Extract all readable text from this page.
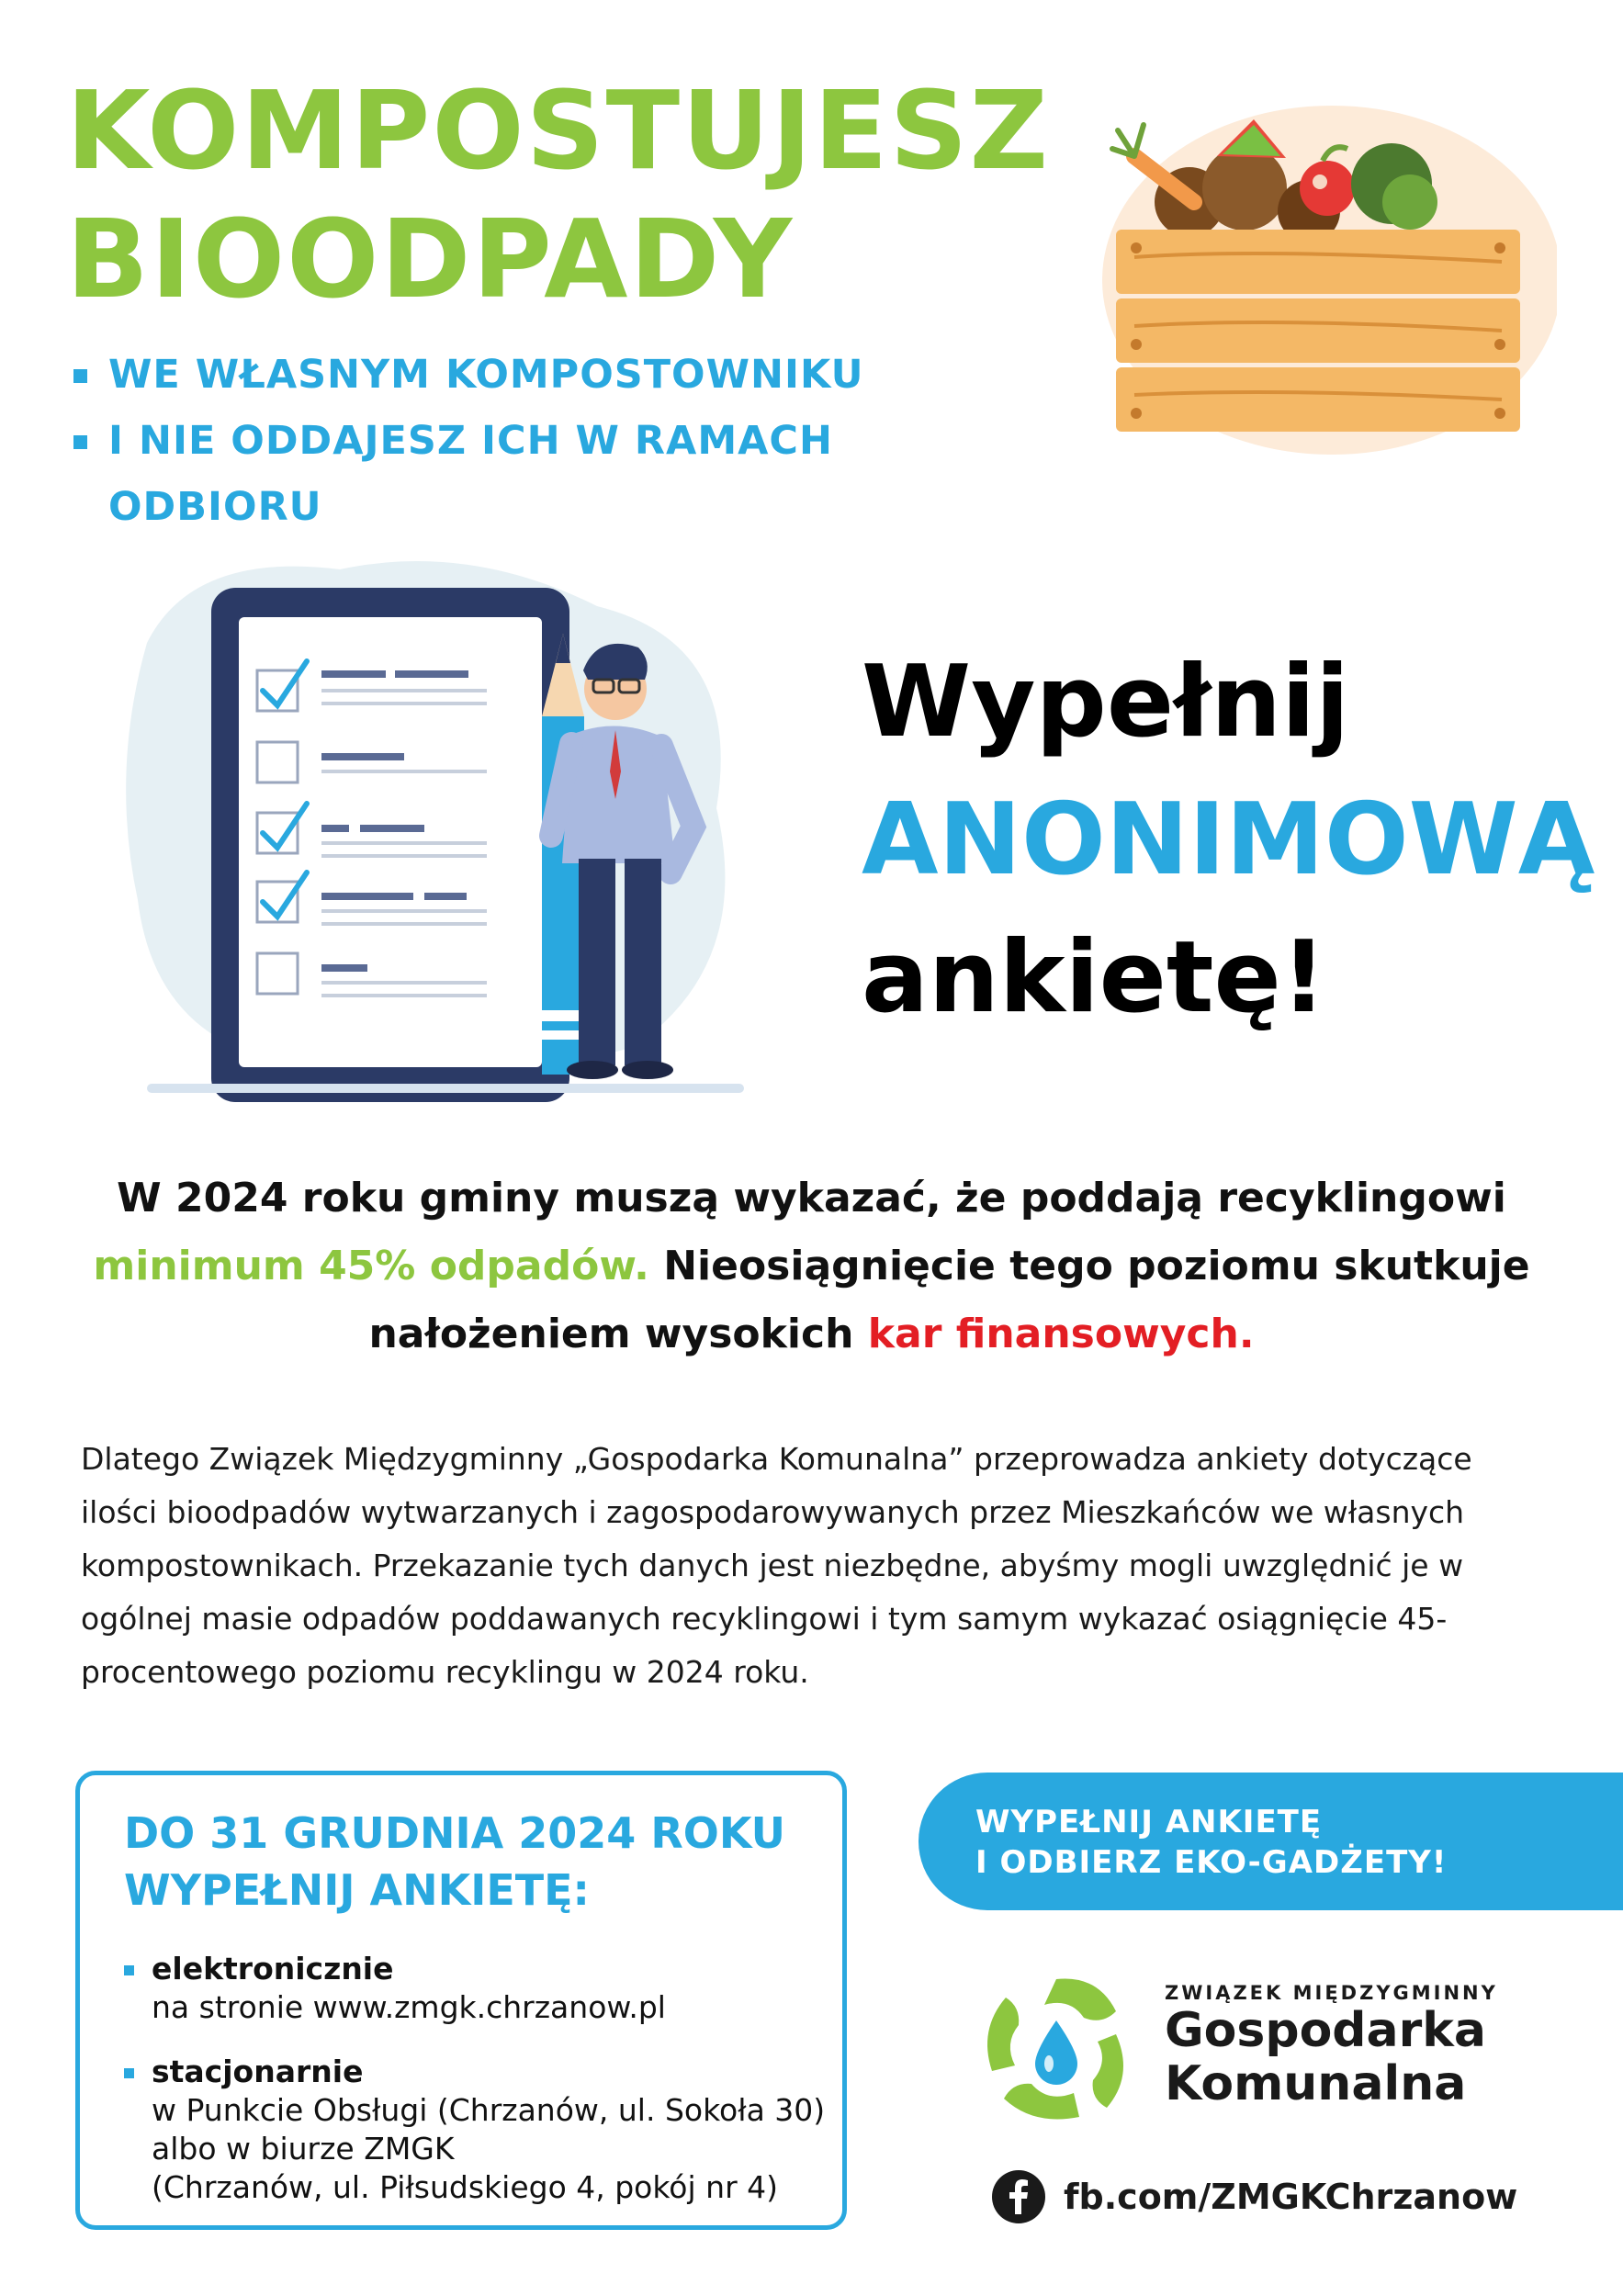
KOMPOSTUJESZ
BIOODPADY
WE WŁASNYM KOMPOSTOWNIKU
I NIE ODDAJESZ ICH W RAMACH ODBIORU
Wypełnij
ANONIMOWĄ
ankietę!
W 2024 roku gminy muszą wykazać, że poddają recyklingowi minimum 45% odpadów. Nieosiągnięcie tego poziomu skutkuje nałożeniem wysokich kar finansowych.
Dlatego Związek Międzygminny „Gospodarka Komunalna” przeprowadza ankiety dotyczące ilości bioodpadów wytwarzanych i zagospodarowywanych przez Mieszkańców we własnych kompostownikach. Przekazanie tych danych jest niezbędne, abyśmy mogli uwzględnić je w ogólnej masie odpadów poddawanych recyklingowi i tym samym wykazać osiągnięcie 45-procentowego poziomu recyklingu w 2024 roku.
DO 31 GRUDNIA 2024 ROKU
WYPEŁNIJ ANKIETĘ:
elektronicznie
na stronie www.zmgk.chrzanow.pl
stacjonarnie
w Punkcie Obsługi (Chrzanów, ul. Sokoła 30)
albo w biurze ZMGK
(Chrzanów, ul. Piłsudskiego 4, pokój nr 4)
WYPEŁNIJ ANKIETĘ
I ODBIERZ EKO-GADŻETY!
ZWIĄZEK MIĘDZYGMINNY
Gospodarka
Komunalna
fb.com/ZMGKChrzanow
